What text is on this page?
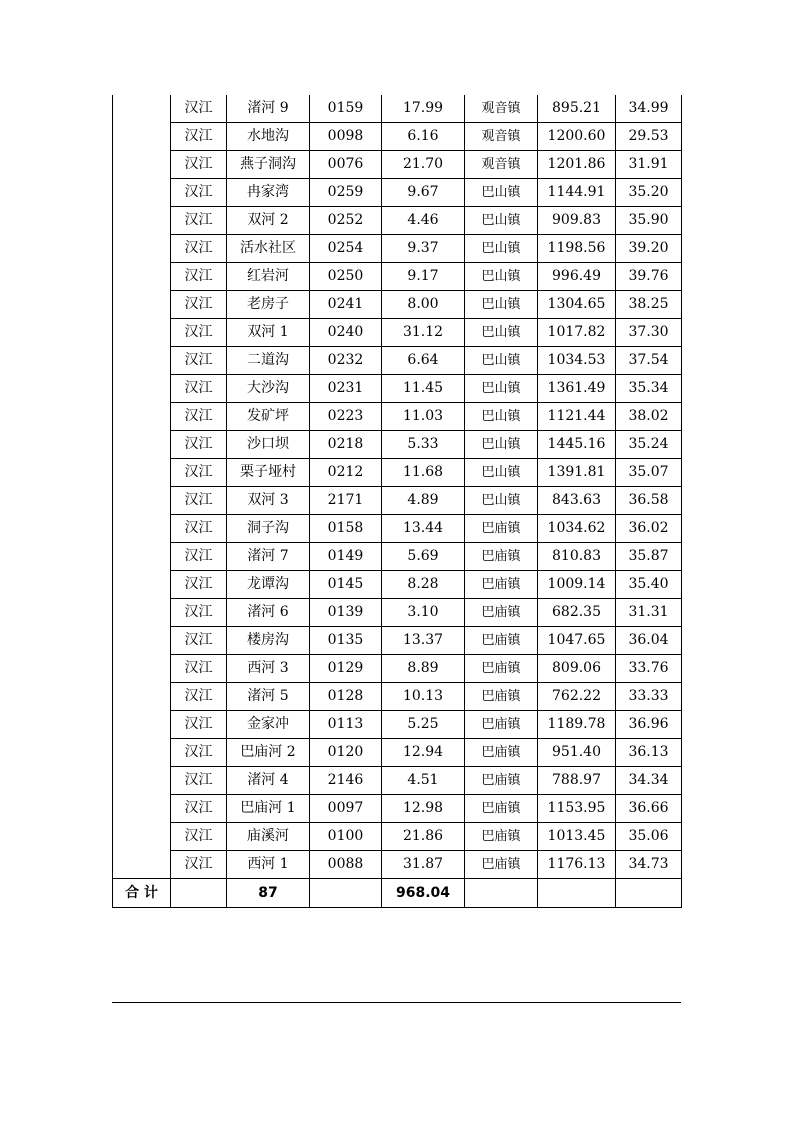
	汉江	渚河 9	0159	17.99	观音镇	895.21	34.99
	汉江	水地沟	0098	6.16	观音镇	1200.60	29.53
	汉江	燕子洞沟	0076	21.70	观音镇	1201.86	31.91
	汉江	冉家湾	0259	9.67	巴山镇	1144.91	35.20
	汉江	双河 2	0252	4.46	巴山镇	909.83	35.90
	汉江	活水社区	0254	9.37	巴山镇	1198.56	39.20
	汉江	红岩河	0250	9.17	巴山镇	996.49	39.76
	汉江	老房子	0241	8.00	巴山镇	1304.65	38.25
	汉江	双河 1	0240	31.12	巴山镇	1017.82	37.30
	汉江	二道沟	0232	6.64	巴山镇	1034.53	37.54
	汉江	大沙沟	0231	11.45	巴山镇	1361.49	35.34
	汉江	发矿坪	0223	11.03	巴山镇	1121.44	38.02
	汉江	沙口坝	0218	5.33	巴山镇	1445.16	35.24
	汉江	栗子垭村	0212	11.68	巴山镇	1391.81	35.07
	汉江	双河 3	2171	4.89	巴山镇	843.63	36.58
	汉江	洞子沟	0158	13.44	巴庙镇	1034.62	36.02
	汉江	渚河 7	0149	5.69	巴庙镇	810.83	35.87
	汉江	龙谭沟	0145	8.28	巴庙镇	1009.14	35.40
	汉江	渚河 6	0139	3.10	巴庙镇	682.35	31.31
	汉江	楼房沟	0135	13.37	巴庙镇	1047.65	36.04
	汉江	西河 3	0129	8.89	巴庙镇	809.06	33.76
	汉江	渚河 5	0128	10.13	巴庙镇	762.22	33.33
	汉江	金家冲	0113	5.25	巴庙镇	1189.78	36.96
	汉江	巴庙河 2	0120	12.94	巴庙镇	951.40	36.13
	汉江	渚河 4	2146	4.51	巴庙镇	788.97	34.34
	汉江	巴庙河 1	0097	12.98	巴庙镇	1153.95	36.66
	汉江	庙溪河	0100	21.86	巴庙镇	1013.45	35.06
	汉江	西河 1	0088	31.87	巴庙镇	1176.13	34.73
合 计		87		968.04			
